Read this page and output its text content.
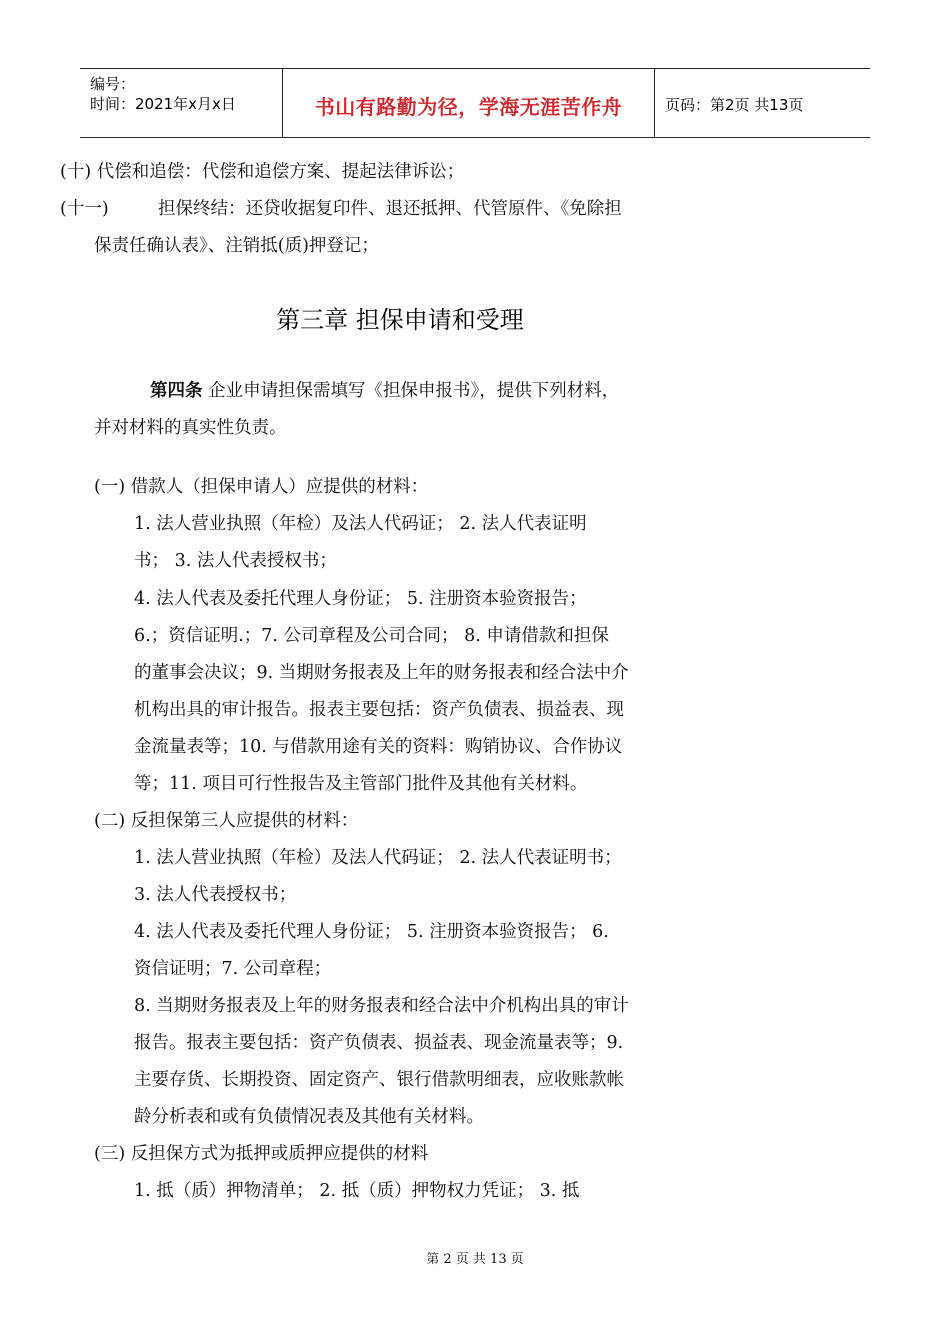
编号：
时间：2021年x月x日	书山有路勤为径，学海无涯苦作舟	页码：第2页 共13页
(十) 代偿和追偿：代偿和追偿方案、提起法律诉讼；
(十一)	担保终结：还贷收据复印件、退还抵押、代管原件、《免除担
保责任确认表》、注销抵(质)押登记；
第三章 担保申请和受理
第四条 企业申请担保需填写《担保申报书》，提供下列材料，
并对材料的真实性负责。
(一) 借款人（担保申请人）应提供的材料：
1. 法人营业执照（年检）及法人代码证； 2. 法人代表证明
书； 3. 法人代表授权书；
4. 法人代表及委托代理人身份证； 5. 注册资本验资报告；
6.；资信证明.；7. 公司章程及公司合同； 8. 申请借款和担保
的董事会决议；9. 当期财务报表及上年的财务报表和经合法中介
机构出具的审计报告。报表主要包括：资产负债表、损益表、现
金流量表等；10. 与借款用途有关的资料：购销协议、合作协议
等；11. 项目可行性报告及主管部门批件及其他有关材料。
(二) 反担保第三人应提供的材料：
1. 法人营业执照（年检）及法人代码证； 2. 法人代表证明书；
3. 法人代表授权书；
4. 法人代表及委托代理人身份证； 5. 注册资本验资报告； 6.
资信证明；7. 公司章程；
8. 当期财务报表及上年的财务报表和经合法中介机构出具的审计
报告。报表主要包括：资产负债表、损益表、现金流量表等；9.
主要存货、长期投资、固定资产、银行借款明细表，应收账款帐
龄分析表和或有负债情况表及其他有关材料。
(三) 反担保方式为抵押或质押应提供的材料
1. 抵（质）押物清单； 2. 抵（质）押物权力凭证； 3. 抵
第 2 页 共 13 页
